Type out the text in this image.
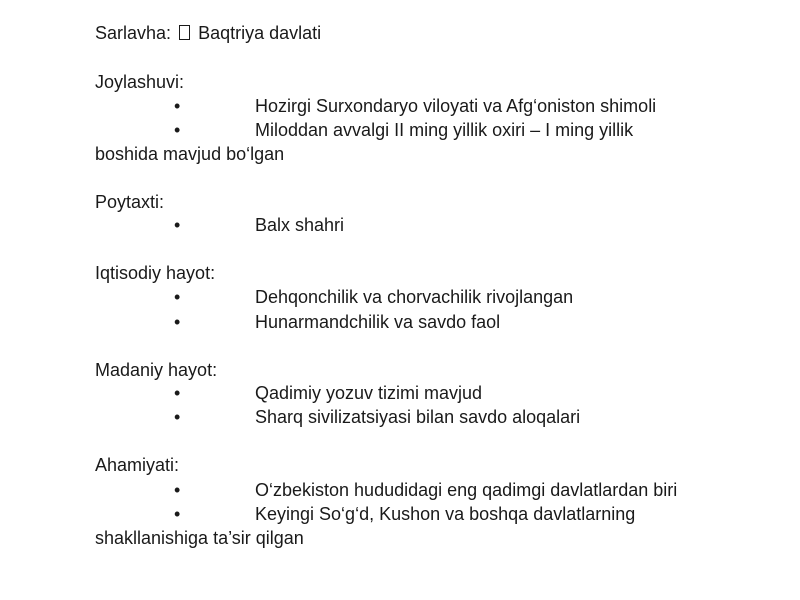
Sarlavha: Baqtriya davlati
Joylashuvi:
•	Hozirgi Surxondaryo viloyati va Afg‘oniston shimoli
•	Miloddan avvalgi II ming yillik oxiri – I ming yillik
boshida mavjud bo‘lgan
Poytaxti:
•	Balx shahri
Iqtisodiy hayot:
•	Dehqonchilik va chorvachilik rivojlangan
•	Hunarmandchilik va savdo faol
Madaniy hayot:
•	Qadimiy yozuv tizimi mavjud
•	Sharq sivilizatsiyasi bilan savdo aloqalari
Ahamiyati:
•	O‘zbekiston hududidagi eng qadimgi davlatlardan biri
•	Keyingi So‘g‘d, Kushon va boshqa davlatlarning
shakllanishiga ta’sir qilgan
